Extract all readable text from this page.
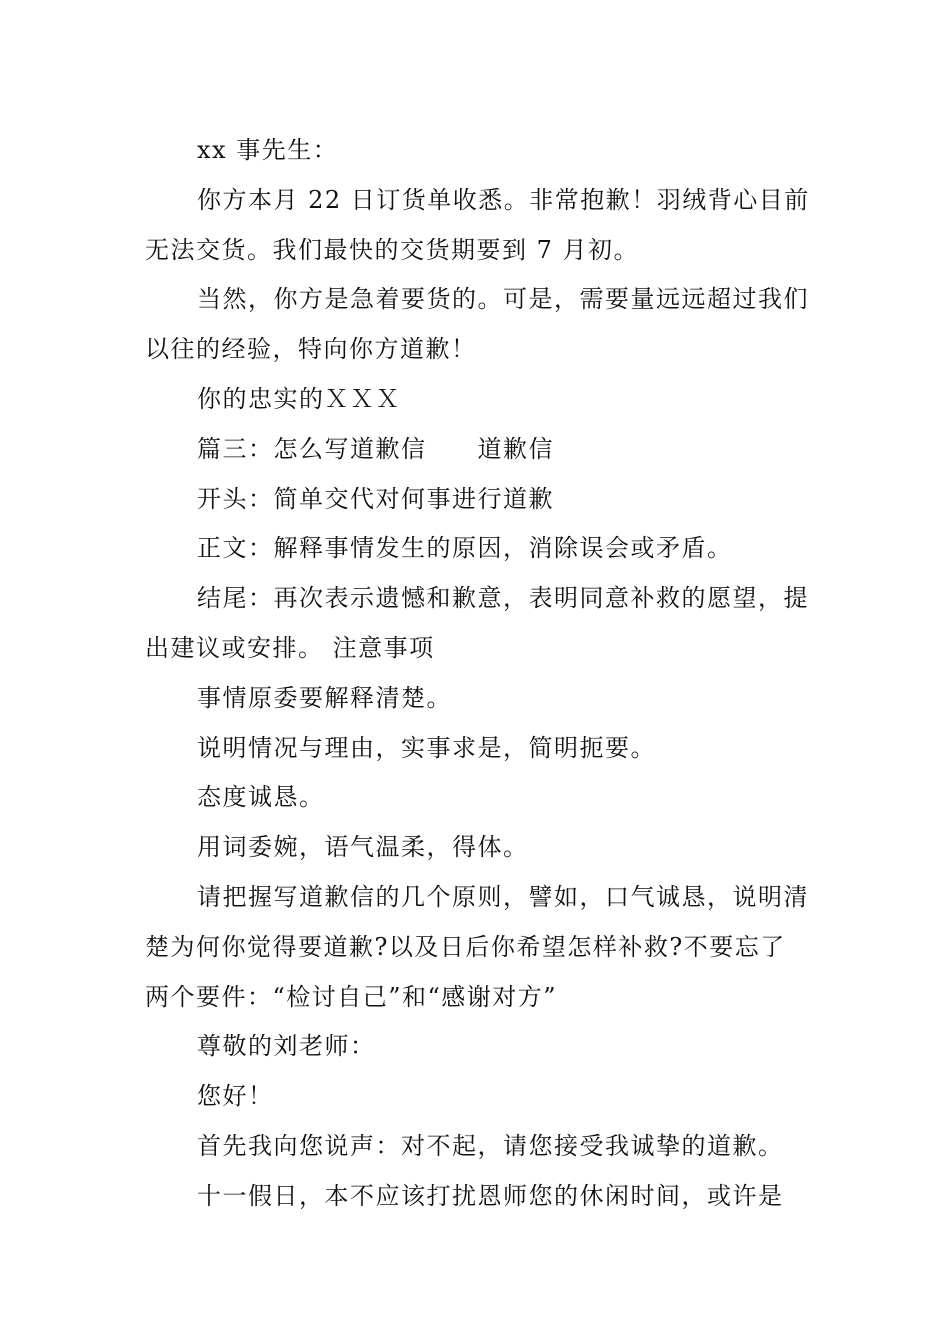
xx 事先生：

你方本月 22 日订货单收悉。非常抱歉！羽绒背心目前无法交货。我们最快的交货期要到 7 月初。

当然，你方是急着要货的。可是，需要量远远超过我们以往的经验，特向你方道歉！

你的忠实的ＸＸＸ

篇三：怎么写道歉信　　道歉信

开头：简单交代对何事进行道歉

正文：解释事情发生的原因，消除误会或矛盾。

结尾：再次表示遗憾和歉意，表明同意补救的愿望，提出建议或安排。 注意事项

事情原委要解释清楚。

说明情况与理由，实事求是，简明扼要。

态度诚恳。

用词委婉，语气温柔，得体。

请把握写道歉信的几个原则，譬如，口气诚恳，说明清楚为何你觉得要道歉?以及日后你希望怎样补救?不要忘了两个要件：“检讨自己”和“感谢对方”

尊敬的刘老师：

您好！

首先我向您说声：对不起，请您接受我诚挚的道歉。

十一假日，本不应该打扰恩师您的休闲时间，或许是
